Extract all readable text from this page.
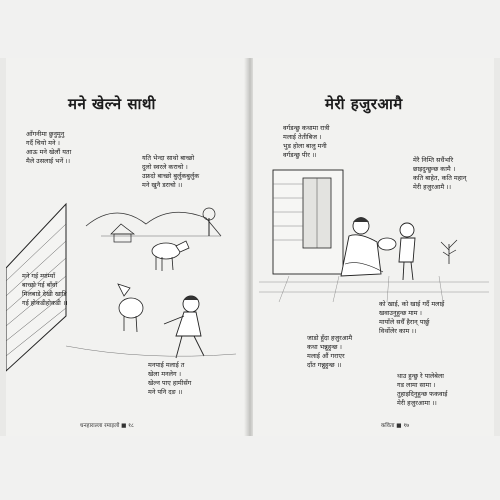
मने खेल्ने साथी
आँगनीमा छुनुमुनु
गर्दै चियो मने ।
आऊ मने खेलौं यता
मैले उसलाई भनें ।।	यति भेन्दा साथो बाच्छो
दुलो स्वरले कराचो ।
उफ्रदो बाच्छो बुर्लुकबुर्लुक
मने खुनै डराचो ।।
मने गई म्यांम्याँ
बाच्छो गई बाँवाँ
मिलबाडे देखी खाडि
गई होकडीहोकडी ।।
मनपाई मलाई त
खेला मनलेग ।
खेल्न पाए हामीसँग
मने पनि दङ ।।
धनहाराल्ला रमाइलो ■ १८
मेरी हजुरआमै
वर्गडन्छु कथामा रात्री
मलाई तेतीबिज ।
भुड होला बालु मनी
वर्गडन्छु पीर ।।
मेरै निम्ति सधैंभरि
छाइदुन्छुन्छ कामै ।
कति बाहेत, कति महान्
मेरी हजुरआमै ।।
को खाई, को खाई गर्दै मलाई
खवाउनुहुन्छ माम ।
मायाँले सधैँ हैरान् पार्छु
विर्थोलेर काम ।।
जाडो हुँदा हजुरआमै
कथा भन्नुहुन्छ ।
मलाई औं गराएर
दाँत गन्नुहुन्छ ।।
थाउ हुन्छु रे पालेबेला
गड लामा सामा ।
तुहाइदिनुहुन्छ फकवाई
मेरी हजुरआमा ।।
कविता ■ १७
